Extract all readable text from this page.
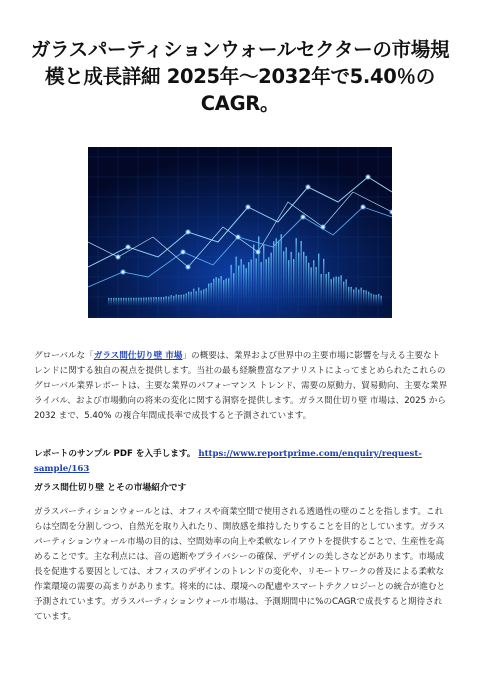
ガラスパーティションウォールセクターの市場規模と成長詳細 2025年〜2032年で5.40％のCAGR。
グローバルな「ガラス間仕切り壁 市場」の概要は、業界および世界中の主要市場に影響を与える主要なトレンドに関する独自の視点を提供します。当社の最も経験豊富なアナリストによってまとめられたこれらのグローバル業界レポートは、主要な業界のパフォーマンス トレンド、需要の原動力、貿易動向、主要な業界ライバル、および市場動向の将来の変化に関する洞察を提供します。ガラス間仕切り壁 市場は、2025 から 2032 まで、5.40% の複合年間成長率で成長すると予測されています。
レポートのサンプル PDF を入手します。 https://www.reportprime.com/enquiry/request-sample/163
ガラス間仕切り壁 とその市場紹介です
ガラスパーティションウォールとは、オフィスや商業空間で使用される透過性の壁のことを指します。これらは空間を分割しつつ、自然光を取り入れたり、開放感を維持したりすることを目的としています。ガラスパーティションウォール市場の目的は、空間効率の向上や柔軟なレイアウトを提供することで、生産性を高めることです。主な利点には、音の遮断やプライバシーの確保、デザインの美しさなどがあります。市場成長を促進する要因としては、オフィスのデザインのトレンドの変化や、リモートワークの普及による柔軟な作業環境の需要の高まりがあります。将来的には、環境への配慮やスマートテクノロジーとの統合が進むと予測されています。ガラスパーティションウォール市場は、予測期間中に%のCAGRで成長すると期待されています。
